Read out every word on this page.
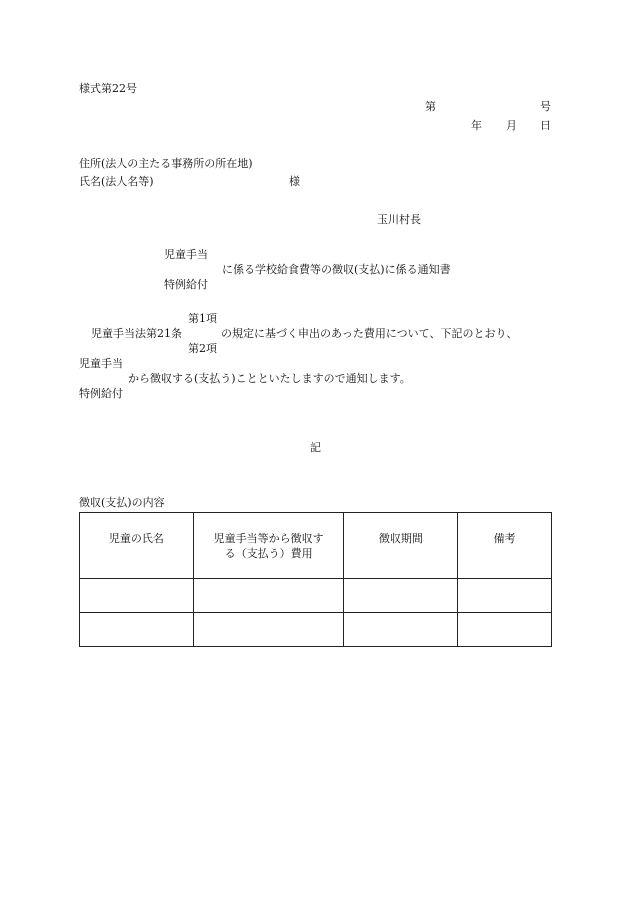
様式第22号
第	号
年 月 日
住所(法人の主たる事務所の所在地)
氏名(法人名等)	様
玉川村長
児童手当
に係る学校給食費等の徴収(支払)に係る通知書
特例給付
第1項
児童手当法第21条	の規定に基づく申出のあった費用について、下記のとおり、
第2項
児童手当
から徴収する(支払う)ことといたしますので通知します。
特例給付
記
徴収(支払)の内容
児童の氏名	児童手当等から徴収する（支払う）費用	徴収期間	備考
